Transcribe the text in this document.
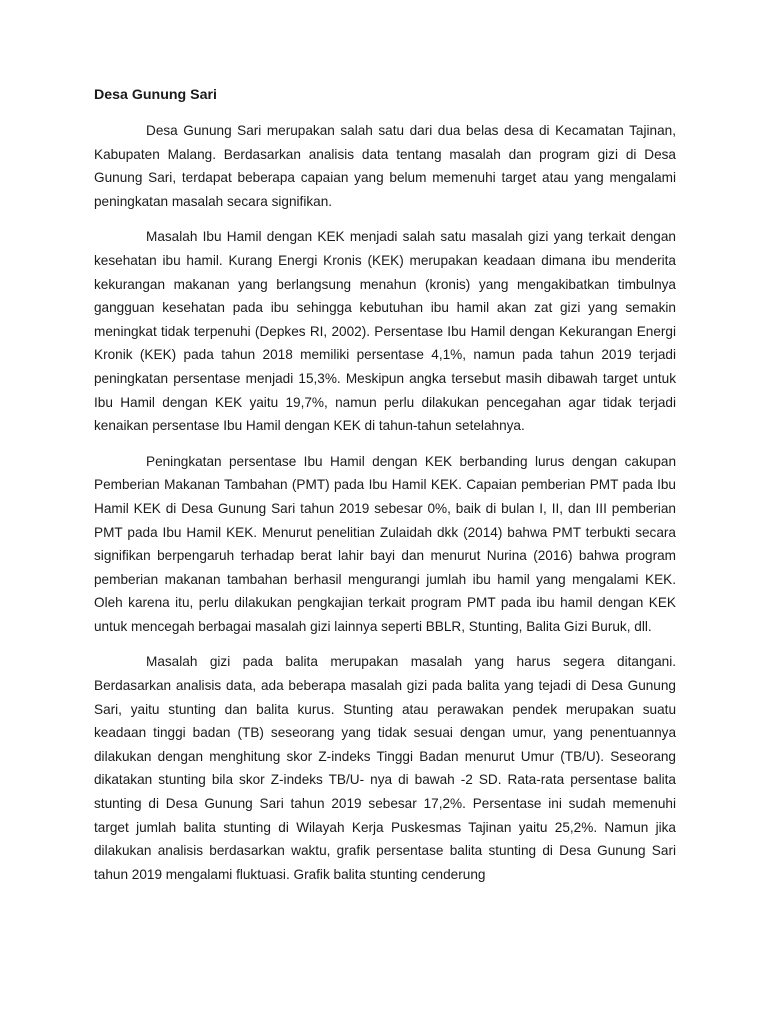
Desa Gunung Sari

Desa Gunung Sari merupakan salah satu dari dua belas desa di Kecamatan Tajinan, Kabupaten Malang. Berdasarkan analisis data tentang masalah dan program gizi di Desa Gunung Sari, terdapat beberapa capaian yang belum memenuhi target atau yang mengalami peningkatan masalah secara signifikan.

Masalah Ibu Hamil dengan KEK menjadi salah satu masalah gizi yang terkait dengan kesehatan ibu hamil. Kurang Energi Kronis (KEK) merupakan keadaan dimana ibu menderita kekurangan makanan yang berlangsung menahun (kronis) yang mengakibatkan timbulnya gangguan kesehatan pada ibu sehingga kebutuhan ibu hamil akan zat gizi yang semakin meningkat tidak terpenuhi (Depkes RI, 2002). Persentase Ibu Hamil dengan Kekurangan Energi Kronik (KEK) pada tahun 2018 memiliki persentase 4,1%, namun pada tahun 2019 terjadi peningkatan persentase menjadi 15,3%. Meskipun angka tersebut masih dibawah target untuk Ibu Hamil dengan KEK yaitu 19,7%, namun perlu dilakukan pencegahan agar tidak terjadi kenaikan persentase Ibu Hamil dengan KEK di tahun-tahun setelahnya.

Peningkatan persentase Ibu Hamil dengan KEK berbanding lurus dengan cakupan Pemberian Makanan Tambahan (PMT) pada Ibu Hamil KEK. Capaian pemberian PMT pada Ibu Hamil KEK di Desa Gunung Sari tahun 2019 sebesar 0%, baik di bulan I, II, dan III pemberian PMT pada Ibu Hamil KEK. Menurut penelitian Zulaidah dkk (2014) bahwa PMT terbukti secara signifikan berpengaruh terhadap berat lahir bayi dan menurut Nurina (2016) bahwa program pemberian makanan tambahan berhasil mengurangi jumlah ibu hamil yang mengalami KEK. Oleh karena itu, perlu dilakukan pengkajian terkait program PMT pada ibu hamil dengan KEK untuk mencegah berbagai masalah gizi lainnya seperti BBLR, Stunting, Balita Gizi Buruk, dll.

Masalah gizi pada balita merupakan masalah yang harus segera ditangani. Berdasarkan analisis data, ada beberapa masalah gizi pada balita yang tejadi di Desa Gunung Sari, yaitu stunting dan balita kurus. Stunting atau perawakan pendek merupakan suatu keadaan tinggi badan (TB) seseorang yang tidak sesuai dengan umur, yang penentuannya dilakukan dengan menghitung skor Z-indeks Tinggi Badan menurut Umur (TB/U). Seseorang dikatakan stunting bila skor Z-indeks TB/U- nya di bawah -2 SD. Rata-rata persentase balita stunting di Desa Gunung Sari tahun 2019 sebesar 17,2%. Persentase ini sudah memenuhi target jumlah balita stunting di Wilayah Kerja Puskesmas Tajinan yaitu 25,2%. Namun jika dilakukan analisis berdasarkan waktu, grafik persentase balita stunting di Desa Gunung Sari tahun 2019 mengalami fluktuasi. Grafik balita stunting cenderung
